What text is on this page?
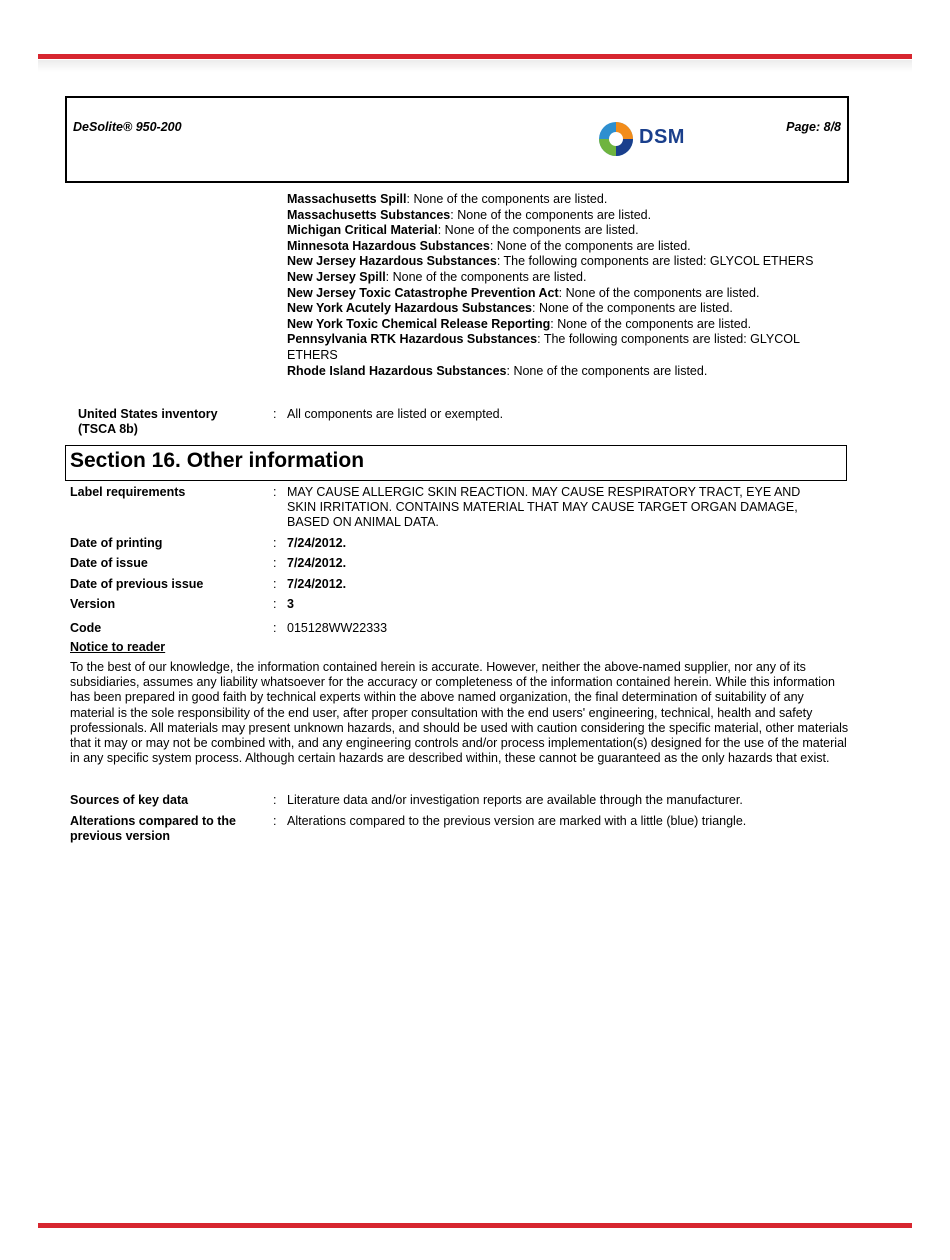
DeSolite® 950-200	DSM	Page: 8/8

Massachusetts Spill: None of the components are listed.

Massachusetts Substances: None of the components are listed.

Michigan Critical Material: None of the components are listed.

Minnesota Hazardous Substances: None of the components are listed.

New Jersey Hazardous Substances: The following components are listed: GLYCOL ETHERS

New Jersey Spill: None of the components are listed.

New Jersey Toxic Catastrophe Prevention Act: None of the components are listed.

New York Acutely Hazardous Substances: None of the components are listed.

New York Toxic Chemical Release Reporting: None of the components are listed.

Pennsylvania RTK Hazardous Substances: The following components are listed: GLYCOL ETHERS

Rhode Island Hazardous Substances: None of the components are listed.

United States inventory (TSCA 8b)
: All components are listed or exempted.
Section 16. Other information
Label requirements	: MAY CAUSE ALLERGIC SKIN REACTION. MAY CAUSE RESPIRATORY TRACT, EYE AND SKIN IRRITATION. CONTAINS MATERIAL THAT MAY CAUSE TARGET ORGAN DAMAGE, BASED ON ANIMAL DATA.
Date of printing	: 7/24/2012.
Date of issue	: 7/24/2012.
Date of previous issue	: 7/24/2012.
Version	: 3
Code	: 015128WW22333
Notice to reader
To the best of our knowledge, the information contained herein is accurate. However, neither the above-named supplier, nor any of its subsidiaries, assumes any liability whatsoever for the accuracy or completeness of the information contained herein. While this information has been prepared in good faith by technical experts within the above named organization, the final determination of suitability of any material is the sole responsibility of the end user, after proper consultation with the end users' engineering, technical, health and safety professionals. All materials may present unknown hazards, and should be used with caution considering the specific material, other materials that it may or may not be combined with, and any engineering controls and/or process implementation(s) designed for the use of the material in any specific system process. Although certain hazards are described within, these cannot be guaranteed as the only hazards that exist.
Sources of key data	: Literature data and/or investigation reports are available through the manufacturer.
Alterations compared to the previous version
: Alterations compared to the previous version are marked with a little (blue) triangle.
